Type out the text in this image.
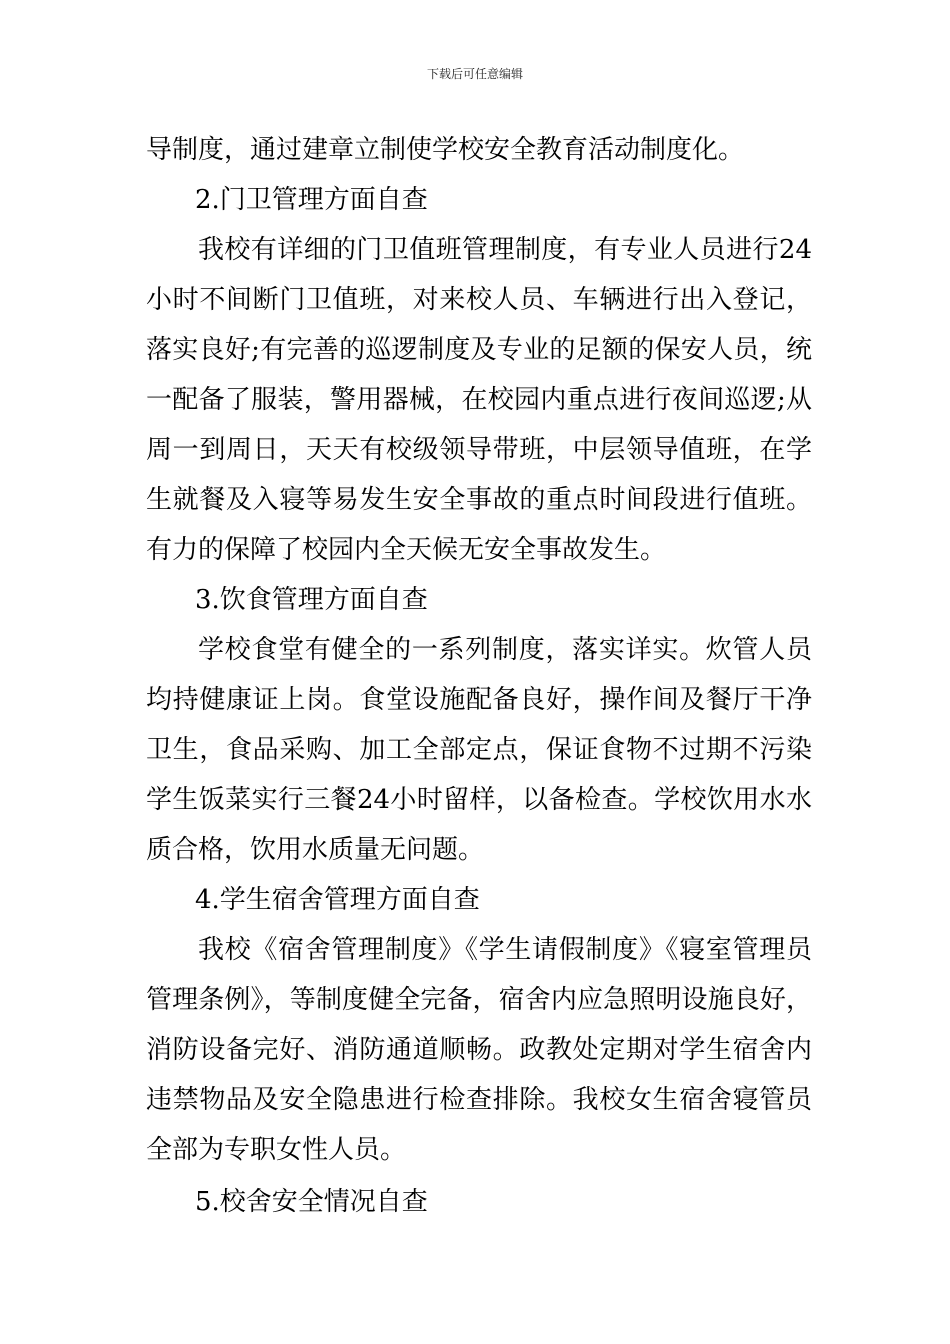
下载后可任意编辑

导制度，通过建章立制使学校安全教育活动制度化。

2.门卫管理方面自查

我校有详细的门卫值班管理制度，有专业人员进行24小时不间断门卫值班，对来校人员、车辆进行出入登记，落实良好;有完善的巡逻制度及专业的足额的保安人员，统一配备了服装，警用器械，在校园内重点进行夜间巡逻;从周一到周日，天天有校级领导带班，中层领导值班，在学生就餐及入寝等易发生安全事故的重点时间段进行值班。有力的保障了校园内全天候无安全事故发生。

3.饮食管理方面自查

学校食堂有健全的一系列制度，落实详实。炊管人员均持健康证上岗。食堂设施配备良好，操作间及餐厅干净卫生，食品采购、加工全部定点，保证食物不过期不污染学生饭菜实行三餐24小时留样，以备检查。学校饮用水水质合格，饮用水质量无问题。

4.学生宿舍管理方面自查

我校《宿舍管理制度》《学生请假制度》《寝室管理员管理条例》，等制度健全完备，宿舍内应急照明设施良好，消防设备完好、消防通道顺畅。政教处定期对学生宿舍内违禁物品及安全隐患进行检查排除。我校女生宿舍寝管员全部为专职女性人员。

5.校舍安全情况自查
